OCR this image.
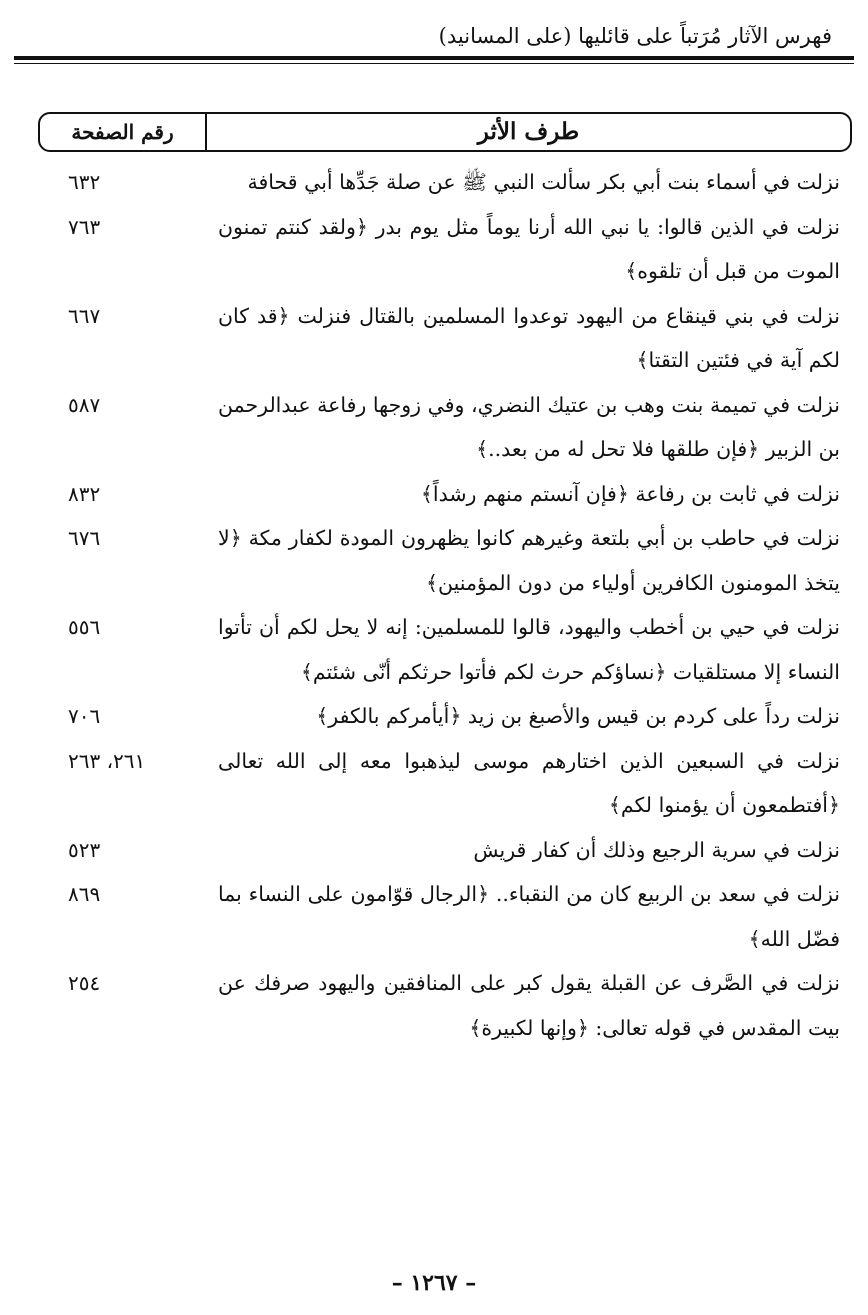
فهرس الآثار مُرَتباً على قائليها (على المسانيد)
طرف الأثر
رقم الصفحة
نزلت في أسماء بنت أبي بكر سألت النبي ﷺ عن صلة جَدِّها أبي قحافة
٦٣٢
نزلت في الذين قالوا: يا نبي الله أرنا يوماً مثل يوم بدر ﴿ولقد كنتم تمنون الموت من قبل أن تلقوه﴾
٧٦٣
نزلت في بني قينقاع من اليهود توعدوا المسلمين بالقتال فنزلت ﴿قد كان لكم آية في فئتين التقتا﴾
٦٦٧
نزلت في تميمة بنت وهب بن عتيك النضري، وفي زوجها رفاعة عبدالرحمن بن الزبير ﴿فإن طلقها فلا تحل له من بعد..﴾
٥٨٧
نزلت في ثابت بن رفاعة ﴿فإن آنستم منهم رشداً﴾
٨٣٢
نزلت في حاطب بن أبي بلتعة وغيرهم كانوا يظهرون المودة لكفار مكة ﴿لا يتخذ المومنون الكافرين أولياء من دون المؤمنين﴾
٦٧٦
نزلت في حيي بن أخطب واليهود، قالوا للمسلمين: إنه لا يحل لكم أن تأتوا النساء إلا مستلقيات ﴿نساؤكم حرث لكم فأتوا حرثكم أنّى شئتم﴾
٥٥٦
نزلت رداً على كردم بن قيس والأصبغ بن زيد ﴿أيأمركم بالكفر﴾
٧٠٦
نزلت في السبعين الذين اختارهم موسى ليذهبوا معه إلى الله تعالى ﴿أفتطمعون أن يؤمنوا لكم﴾
٢٦١، ٢٦٣
نزلت في سرية الرجيع وذلك أن كفار قريش
٥٢٣
نزلت في سعد بن الربيع كان من النقباء.. ﴿الرجال قوّامون على النساء بما فضّل الله﴾
٨٦٩
نزلت في الصَّرف عن القبلة يقول كبر على المنافقين واليهود صرفك عن بيت المقدس في قوله تعالى: ﴿وإنها لكبيرة﴾
٢٥٤
– ١٢٦٧ –
